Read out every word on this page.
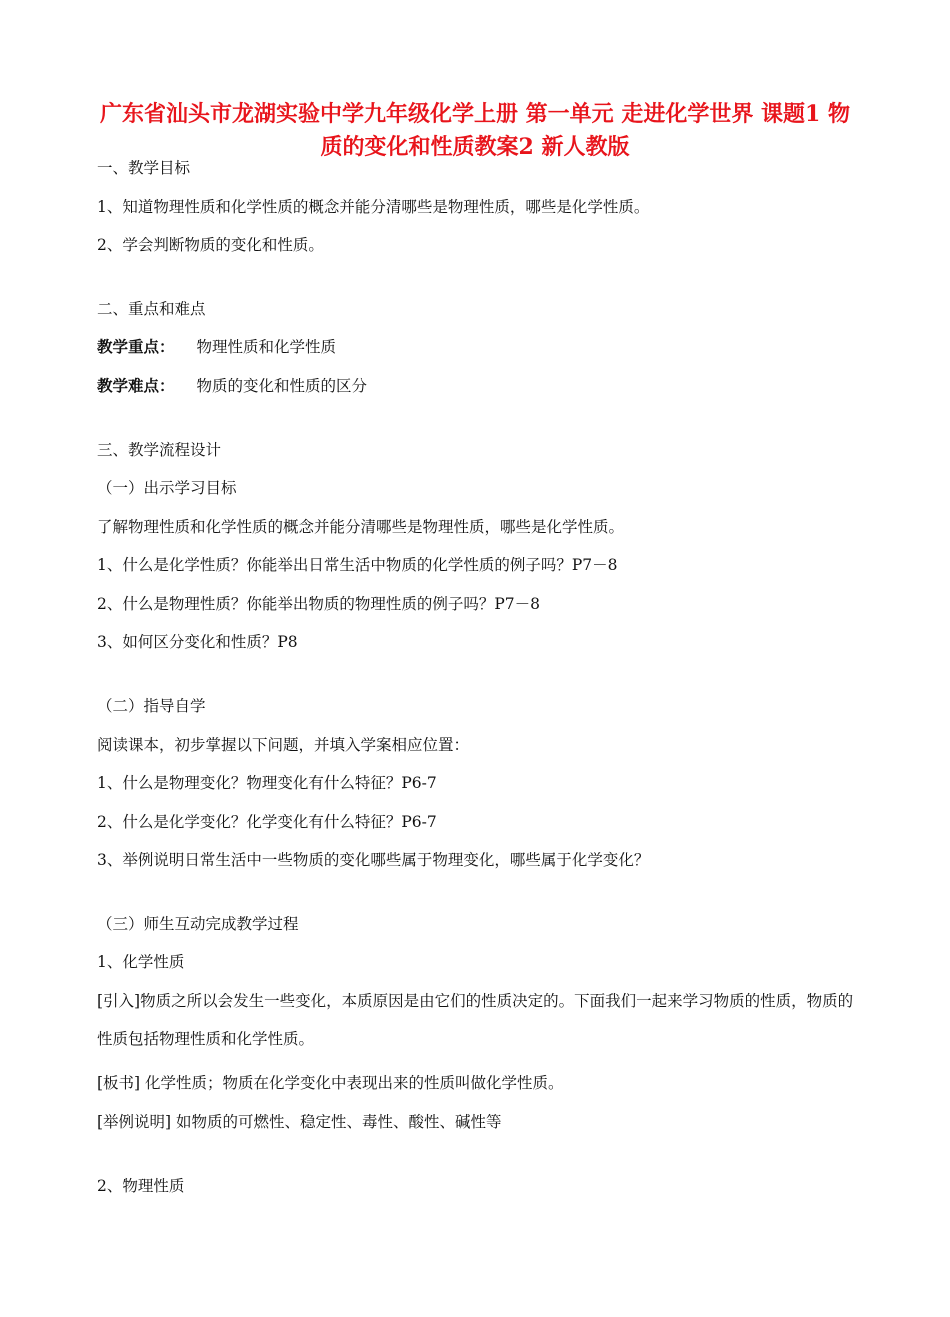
广东省汕头市龙湖实验中学九年级化学上册 第一单元 走进化学世界 课题1 物质的变化和性质教案2 新人教版

一、教学目标

1、知道物理性质和化学性质的概念并能分清哪些是物理性质，哪些是化学性质。

2、学会判断物质的变化和性质。

二、重点和难点

教学重点： 物理性质和化学性质

教学难点： 物质的变化和性质的区分

三、教学流程设计

（一）出示学习目标

了解物理性质和化学性质的概念并能分清哪些是物理性质，哪些是化学性质。

1、什么是化学性质？你能举出日常生活中物质的化学性质的例子吗？P7－8

2、什么是物理性质？你能举出物质的物理性质的例子吗？P7－8

3、如何区分变化和性质？P8

（二）指导自学

阅读课本，初步掌握以下问题，并填入学案相应位置：

1、什么是物理变化？物理变化有什么特征？P6-7

2、什么是化学变化？化学变化有什么特征？P6-7

3、举例说明日常生活中一些物质的变化哪些属于物理变化，哪些属于化学变化？

（三）师生互动完成教学过程

1、化学性质

[引入]物质之所以会发生一些变化，本质原因是由它们的性质决定的。下面我们一起来学习物质的性质，物质的性质包括物理性质和化学性质。

[板书] 化学性质；物质在化学变化中表现出来的性质叫做化学性质。

[举例说明] 如物质的可燃性、稳定性、毒性、酸性、碱性等

2、物理性质
